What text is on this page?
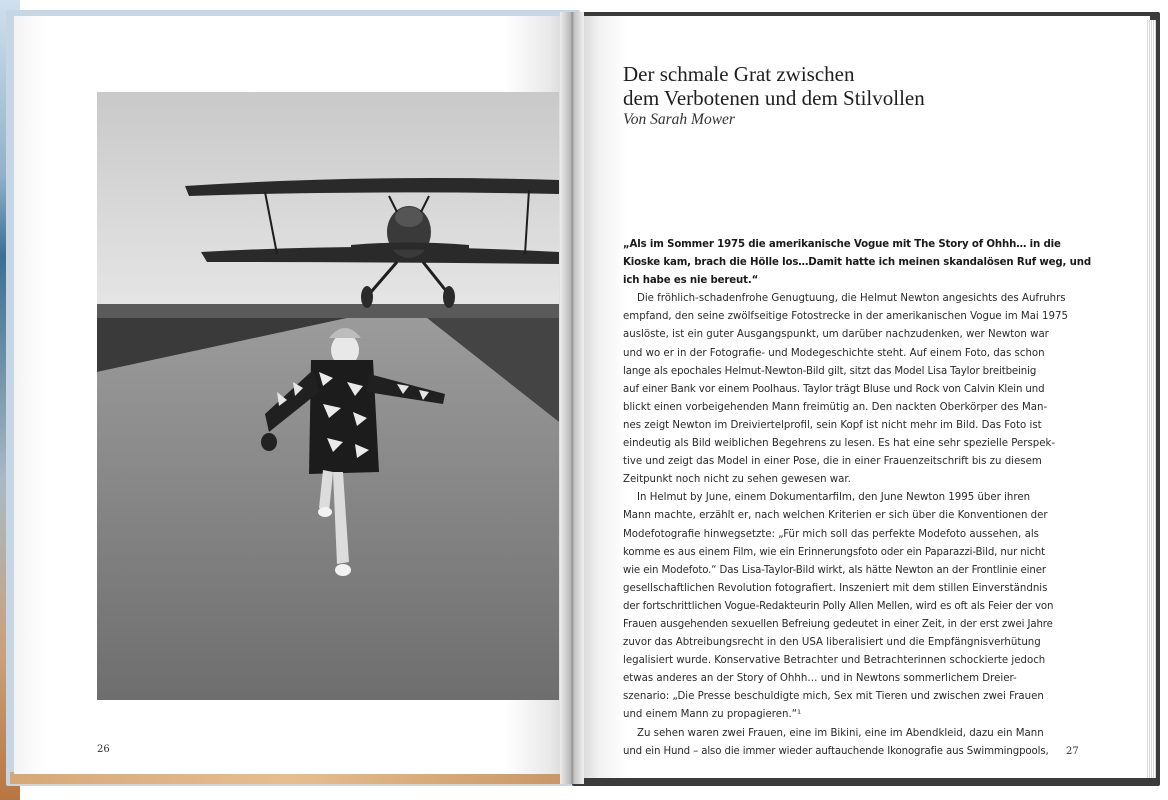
26
Der schmale Grat zwischen
dem Verbotenen und dem Stilvollen
Von Sarah Mower
„Als im Sommer 1975 die amerikanische Vogue mit The Story of Ohhh… in die
Kioske kam, brach die Hölle los…Damit hatte ich meinen skandalösen Ruf weg, und
ich habe es nie bereut.“
Die fröhlich-schadenfrohe Genugtuung, die Helmut Newton angesichts des Aufruhrs
empfand, den seine zwölfseitige Fotostrecke in der amerikanischen Vogue im Mai 1975
auslöste, ist ein guter Ausgangspunkt, um darüber nachzudenken, wer Newton war
und wo er in der Fotografie- und Modegeschichte steht. Auf einem Foto, das schon
lange als epochales Helmut-Newton-Bild gilt, sitzt das Model Lisa Taylor breitbeinig
auf einer Bank vor einem Poolhaus. Taylor trägt Bluse und Rock von Calvin Klein und
blickt einen vorbeigehenden Mann freimütig an. Den nackten Oberkörper des Man-
nes zeigt Newton im Dreiviertelprofil, sein Kopf ist nicht mehr im Bild. Das Foto ist
eindeutig als Bild weiblichen Begehrens zu lesen. Es hat eine sehr spezielle Perspek-
tive und zeigt das Model in einer Pose, die in einer Frauenzeitschrift bis zu diesem
Zeitpunkt noch nicht zu sehen gewesen war.
In Helmut by June, einem Dokumentarfilm, den June Newton 1995 über ihren
Mann machte, erzählt er, nach welchen Kriterien er sich über die Konventionen der
Modefotografie hinwegsetzte: „Für mich soll das perfekte Modefoto aussehen, als
komme es aus einem Film, wie ein Erinnerungsfoto oder ein Paparazzi-Bild, nur nicht
wie ein Modefoto.“ Das Lisa-Taylor-Bild wirkt, als hätte Newton an der Frontlinie einer
gesellschaftlichen Revolution fotografiert. Inszeniert mit dem stillen Einverständnis
der fortschrittlichen Vogue-Redakteurin Polly Allen Mellen, wird es oft als Feier der von
Frauen ausgehenden sexuellen Befreiung gedeutet in einer Zeit, in der erst zwei Jahre
zuvor das Abtreibungsrecht in den USA liberalisiert und die Empfängnisverhütung
legalisiert wurde. Konservative Betrachter und Betrachterinnen schockierte jedoch
etwas anderes an der Story of Ohhh… und in Newtons sommerlichem Dreier-
szenario: „Die Presse beschuldigte mich, Sex mit Tieren und zwischen zwei Frauen
und einem Mann zu propagieren.“¹
Zu sehen waren zwei Frauen, eine im Bikini, eine im Abendkleid, dazu ein Mann
und ein Hund – also die immer wieder auftauchende Ikonografie aus Swimmingpools,	27
